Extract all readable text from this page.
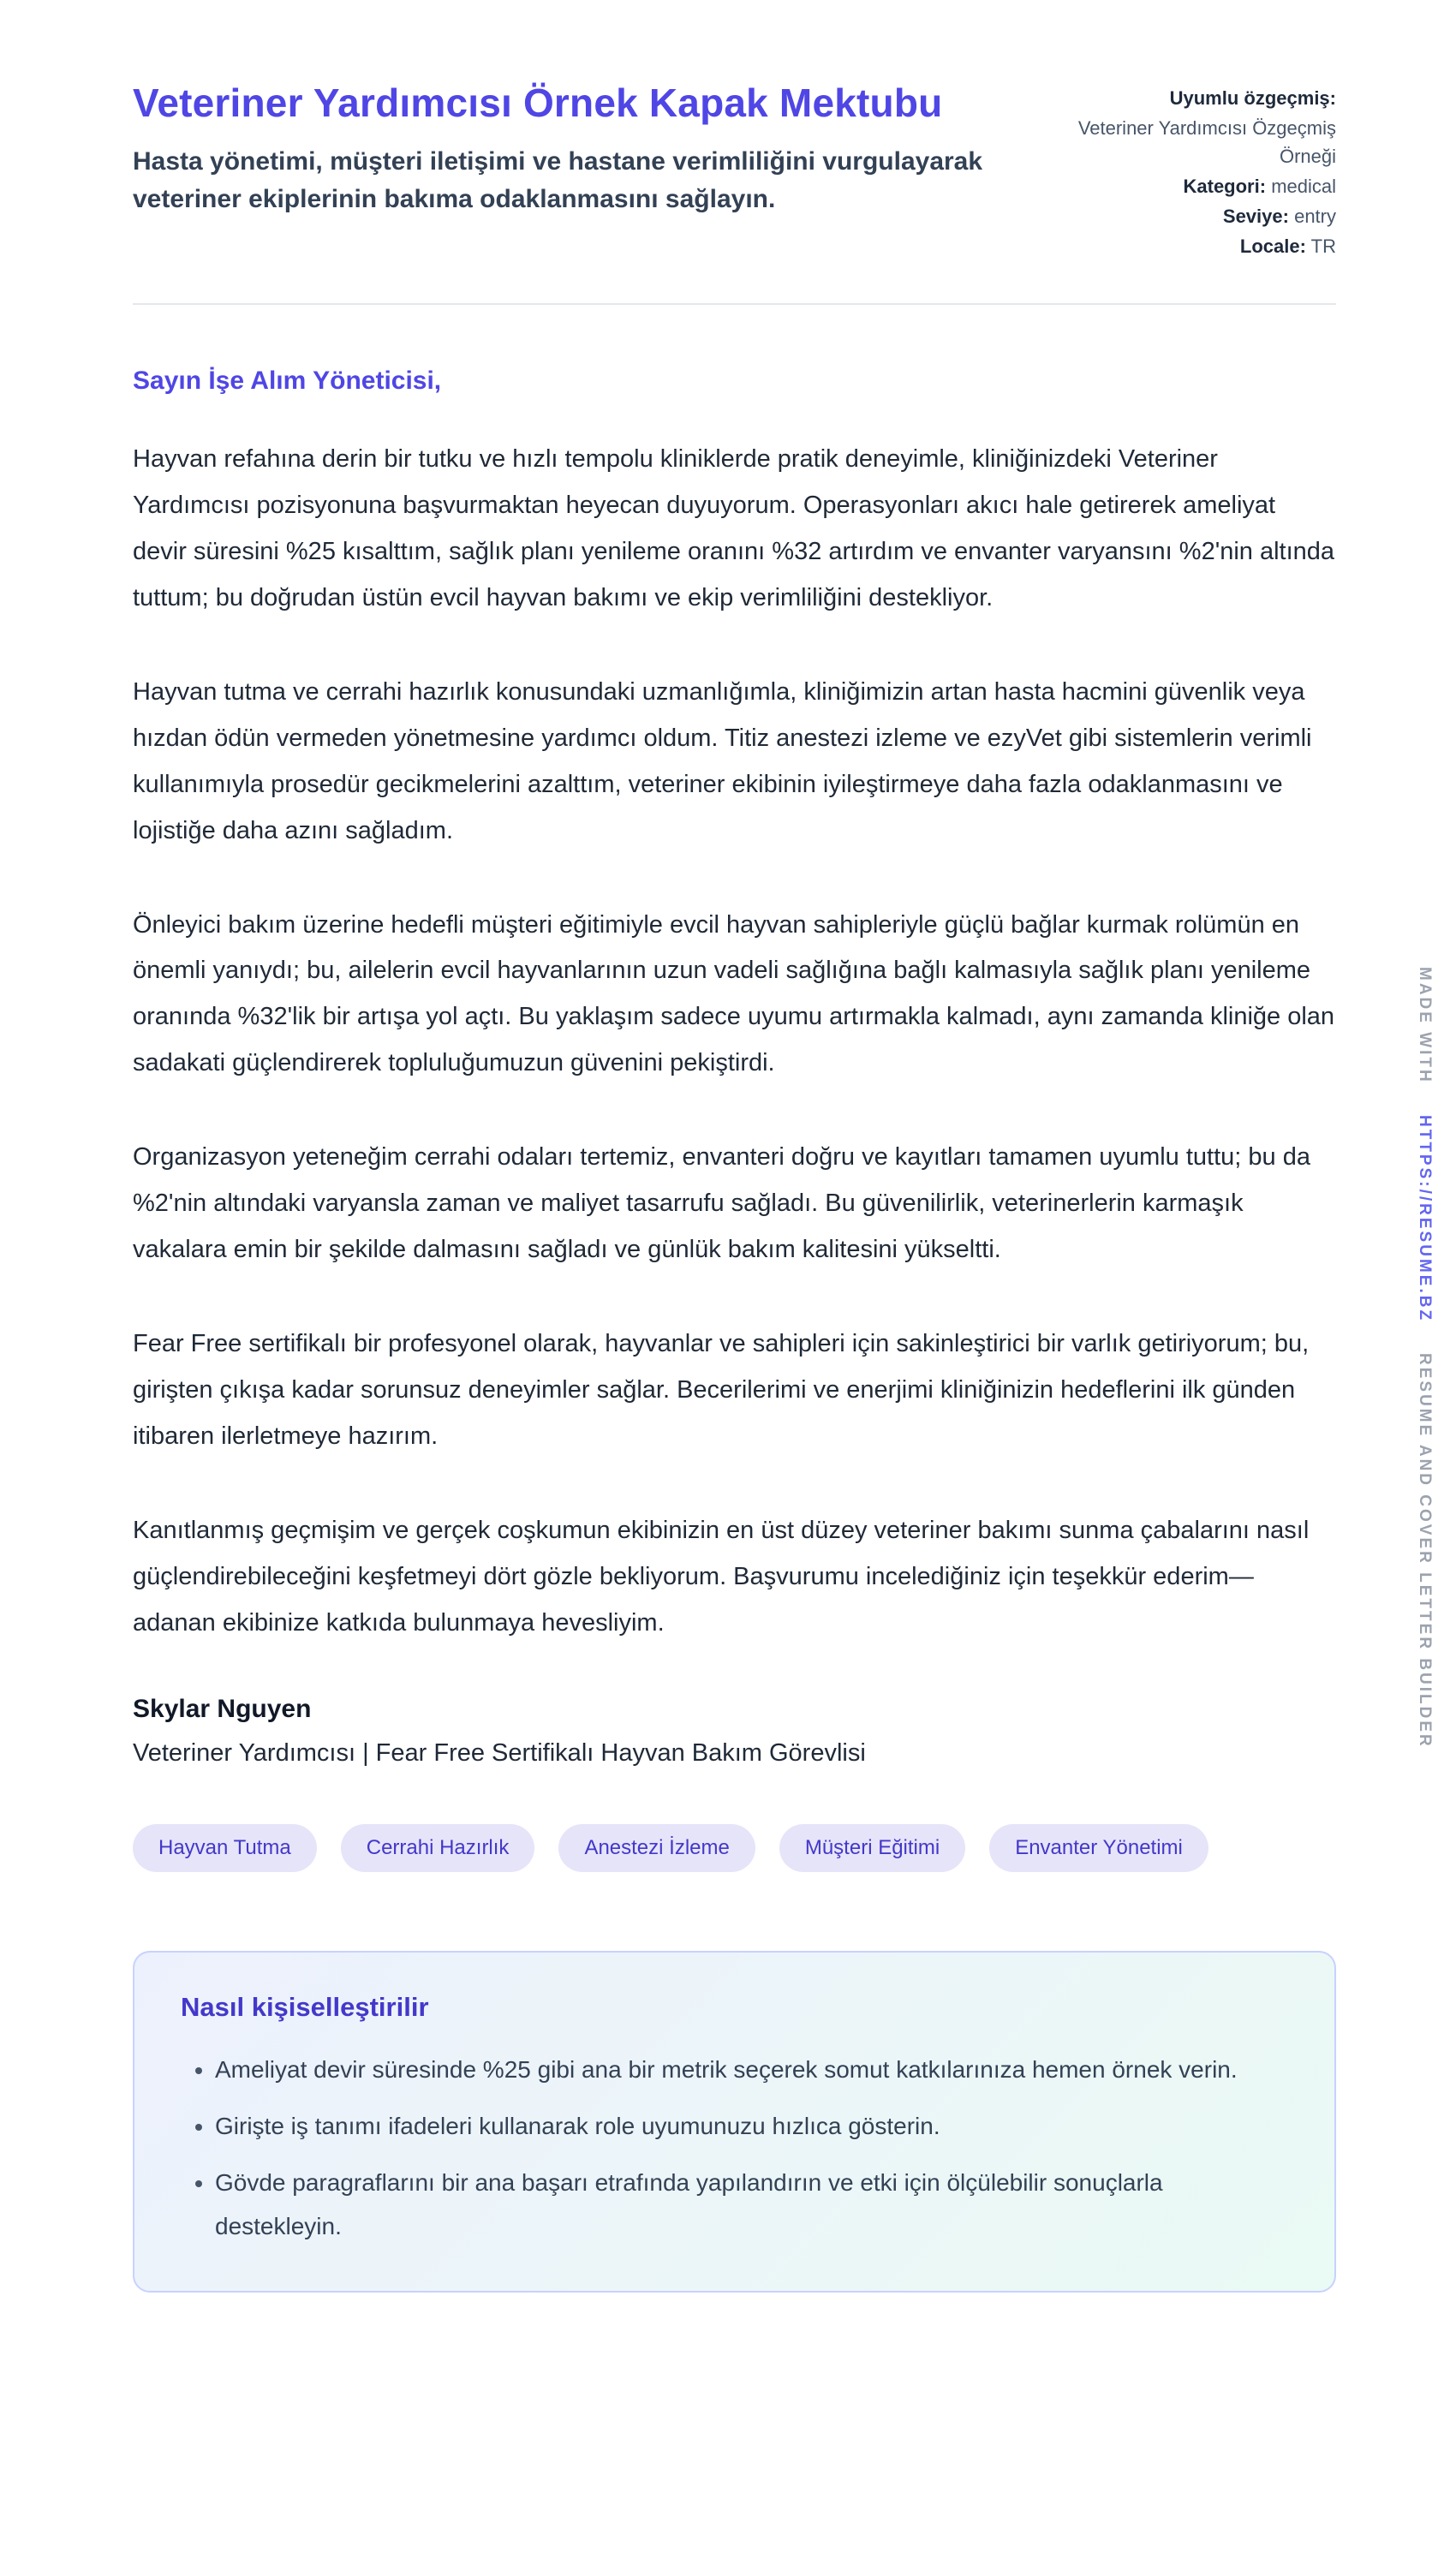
Veteriner Yardımcısı Örnek Kapak Mektubu

Hasta yönetimi, müşteri iletişimi ve hastane verimliliğini vurgulayarak veteriner ekiplerinin bakıma odaklanmasını sağlayın.

Uyumlu özgeçmiş:
Veteriner Yardımcısı Özgeçmiş Örneği
Kategori: medical
Seviye: entry
Locale: TR

Sayın İşe Alım Yöneticisi,

Hayvan refahına derin bir tutku ve hızlı tempolu kliniklerde pratik deneyimle, kliniğinizdeki Veteriner Yardımcısı pozisyonuna başvurmaktan heyecan duyuyorum. Operasyonları akıcı hale getirerek ameliyat devir süresini %25 kısalttım, sağlık planı yenileme oranını %32 artırdım ve envanter varyansını %2'nin altında tuttum; bu doğrudan üstün evcil hayvan bakımı ve ekip verimliliğini destekliyor.

Hayvan tutma ve cerrahi hazırlık konusundaki uzmanlığımla, kliniğimizin artan hasta hacmini güvenlik veya hızdan ödün vermeden yönetmesine yardımcı oldum. Titiz anestezi izleme ve ezyVet gibi sistemlerin verimli kullanımıyla prosedür gecikmelerini azalttım, veteriner ekibinin iyileştirmeye daha fazla odaklanmasını ve lojistiğe daha azını sağladım.

Önleyici bakım üzerine hedefli müşteri eğitimiyle evcil hayvan sahipleriyle güçlü bağlar kurmak rolümün en önemli yanıydı; bu, ailelerin evcil hayvanlarının uzun vadeli sağlığına bağlı kalmasıyla sağlık planı yenileme oranında %32'lik bir artışa yol açtı. Bu yaklaşım sadece uyumu artırmakla kalmadı, aynı zamanda kliniğe olan sadakati güçlendirerek topluluğumuzun güvenini pekiştirdi.

Organizasyon yeteneğim cerrahi odaları tertemiz, envanteri doğru ve kayıtları tamamen uyumlu tuttu; bu da %2'nin altındaki varyansla zaman ve maliyet tasarrufu sağladı. Bu güvenilirlik, veterinerlerin karmaşık vakalara emin bir şekilde dalmasını sağladı ve günlük bakım kalitesini yükseltti.

Fear Free sertifikalı bir profesyonel olarak, hayvanlar ve sahipleri için sakinleştirici bir varlık getiriyorum; bu, girişten çıkışa kadar sorunsuz deneyimler sağlar. Becerilerimi ve enerjimi kliniğinizin hedeflerini ilk günden itibaren ilerletmeye hazırım.

Kanıtlanmış geçmişim ve gerçek coşkumun ekibinizin en üst düzey veteriner bakımı sunma çabalarını nasıl güçlendirebileceğini keşfetmeyi dört gözle bekliyorum. Başvurumu incelediğiniz için teşekkür ederim—adanan ekibinize katkıda bulunmaya hevesliyim.

Skylar Nguyen

Veteriner Yardımcısı | Fear Free Sertifikalı Hayvan Bakım Görevlisi

Hayvan Tutma	Cerrahi Hazırlık	Anestezi İzleme	Müşteri Eğitimi	Envanter Yönetimi
Nasıl kişiselleştirilir
• Ameliyat devir süresinde %25 gibi ana bir metrik seçerek somut katkılarınıza hemen örnek verin.
• Girişte iş tanımı ifadeleri kullanarak role uyumunuzu hızlıca gösterin.
• Gövde paragraflarını bir ana başarı etrafında yapılandırın ve etki için ölçülebilir sonuçlarla destekleyin.
MADE WITH HTTPS://RESUME.BZ RESUME AND COVER LETTER BUILDER
